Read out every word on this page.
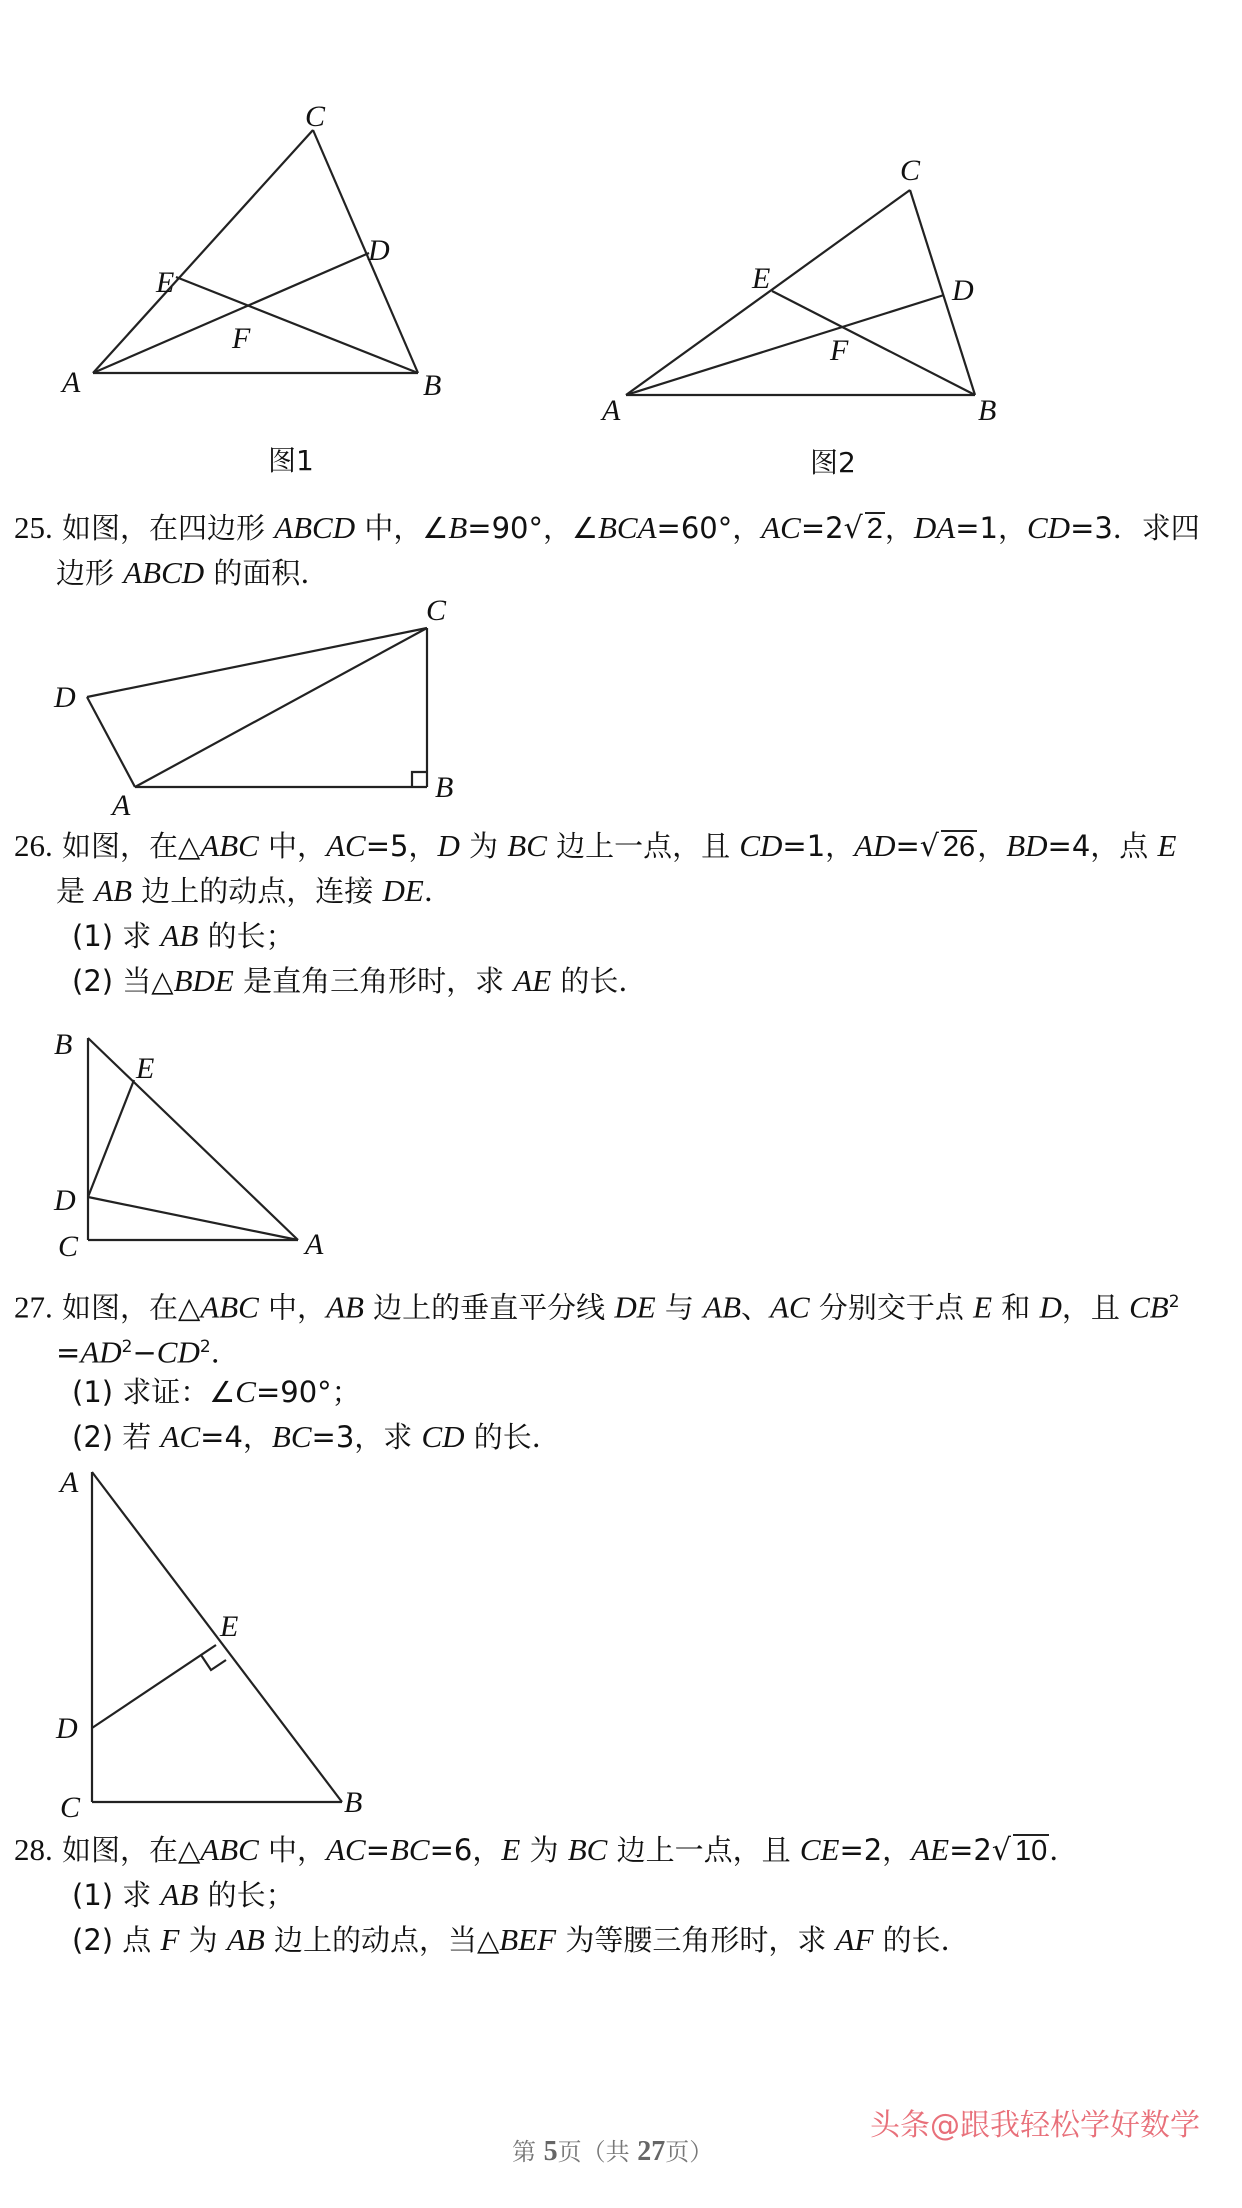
C
D
E
F
A	B
图1
C
D
E
F
A	B
图2
25. 如图，在四边形 ABCD 中，∠B=90°，∠BCA=60°，AC=2√ 2，DA=1，CD=3．求四
边形 ABCD 的面积．
C
D
A
B
26. 如图，在△ABC 中，AC=5，D 为 BC 边上一点，且 CD=1，AD=√ 26，BD=4，点 E
是 AB 边上的动点，连接 DE．
(1) 求 AB 的长；
(2) 当△BDE 是直角三角形时，求 AE 的长．
B
E
D
C	A
27. 如图，在△ABC 中，AB 边上的垂直平分线 DE 与 AB、AC 分别交于点 E 和 D，且 $CB^2$
$=AD^2-CD^2$．
(1) 求证：∠C=90°；
(2) 若 AC=4，BC=3，求 CD 的长．
A
E
D
C	B
28. 如图，在△ABC 中，AC=BC=6，E 为 BC 边上一点，且 CE=2，AE=2√ 10．
(1) 求 AB 的长；
(2) 点 F 为 AB 边上的动点，当△BEF 为等腰三角形时，求 AF 的长．
头条@跟我轻松学好数学
第 5页（共 27页）
